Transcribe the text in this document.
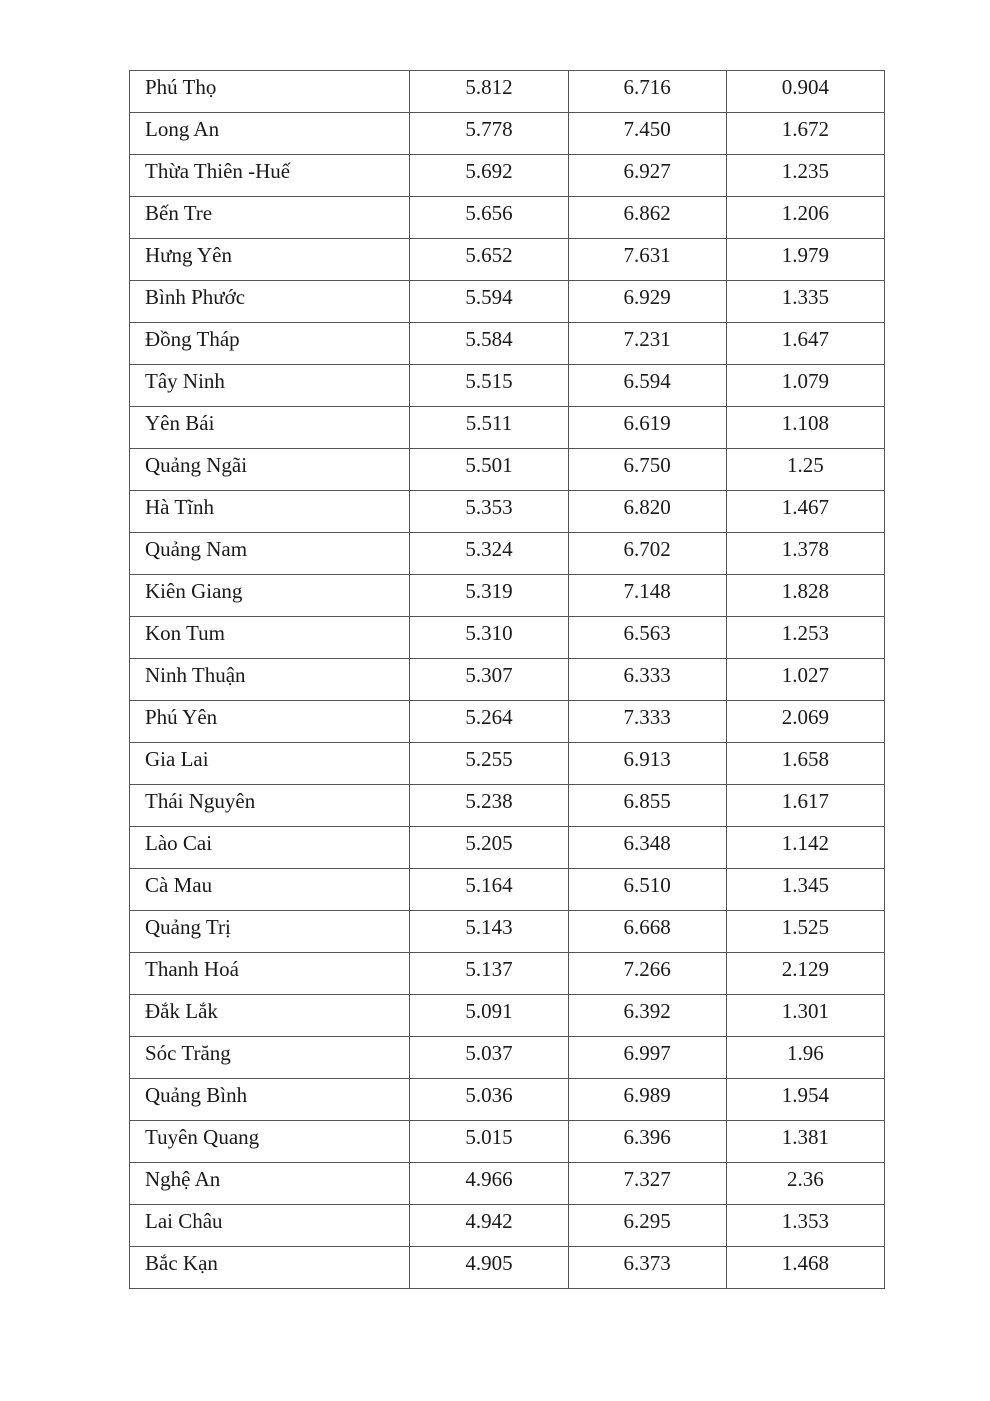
Phú Thọ	5.812	6.716	0.904
Long An	5.778	7.450	1.672
Thừa Thiên -Huế	5.692	6.927	1.235
Bến Tre	5.656	6.862	1.206
Hưng Yên	5.652	7.631	1.979
Bình Phước	5.594	6.929	1.335
Đồng Tháp	5.584	7.231	1.647
Tây Ninh	5.515	6.594	1.079
Yên Bái	5.511	6.619	1.108
Quảng Ngãi	5.501	6.750	1.25
Hà Tĩnh	5.353	6.820	1.467
Quảng Nam	5.324	6.702	1.378
Kiên Giang	5.319	7.148	1.828
Kon Tum	5.310	6.563	1.253
Ninh Thuận	5.307	6.333	1.027
Phú Yên	5.264	7.333	2.069
Gia Lai	5.255	6.913	1.658
Thái Nguyên	5.238	6.855	1.617
Lào Cai	5.205	6.348	1.142
Cà Mau	5.164	6.510	1.345
Quảng Trị	5.143	6.668	1.525
Thanh Hoá	5.137	7.266	2.129
Đắk Lắk	5.091	6.392	1.301
Sóc Trăng	5.037	6.997	1.96
Quảng Bình	5.036	6.989	1.954
Tuyên Quang	5.015	6.396	1.381
Nghệ An	4.966	7.327	2.36
Lai Châu	4.942	6.295	1.353
Bắc Kạn	4.905	6.373	1.468
